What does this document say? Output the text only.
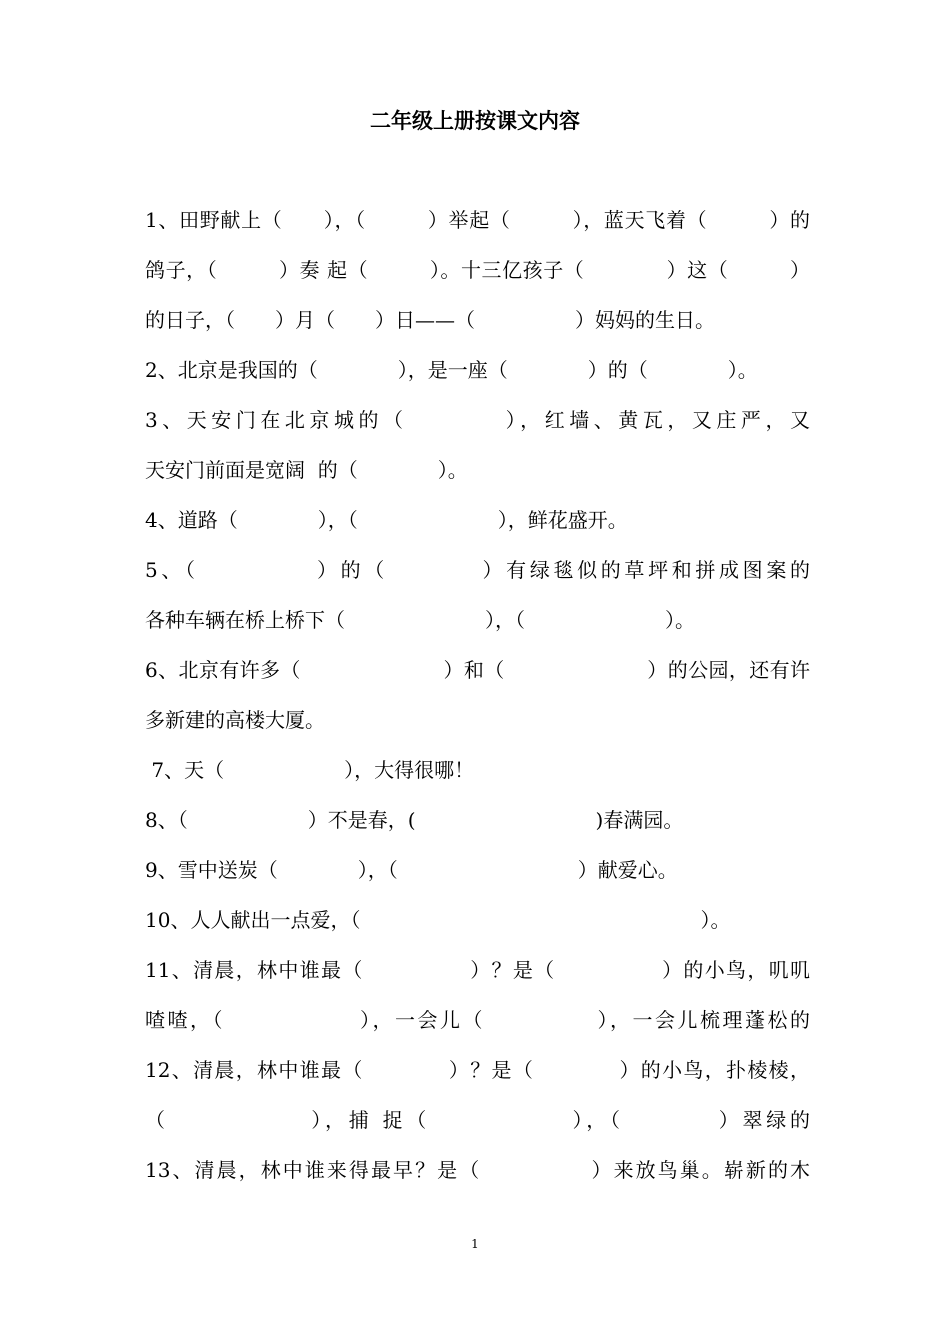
二年级上册按课文内容
1、田野献上（　　），（　　　）举起（　　　），蓝天飞着（　　　）的
鸽子，（　　　）奏 起（　　　）。十三亿孩子（　　　　）这（　　　）
的日子，（　　）月（　　）日——（　　　　　）妈妈的生日。
2、北京是我国的（　　　　），是一座（　　　　）的（　　　　）。
3、天安门在北京城的（　　　　），红墙、黄瓦，又庄严，又　　　　
天安门前面是宽阔  的（　　　　）。
4、道路（　　　　），（　　　　　　　），鲜花盛开。
5、（　　　　　）的（　　　　）有绿毯似的草坪和拼成图案的　　　　
各种车辆在桥上桥下（　　　　　　　），（　　　　　　　）。
6、北京有许多（　　　　　　　）和（　　　　　　　）的公园，还有许
多新建的高楼大厦。
7、天（　　　　　　），大得很哪！
8、（　　　　　　）不是春，(　　　　　　　　　)春满园。
9、雪中送炭（　　　　），（　　　　　　　　　）献爱心。
10、人人献出一点爱，（　　　　　　　　　　　　　　　　　）。
11、清晨，林中谁最（　　　　　）？是（　　　　　）的小鸟，叽叽
喳喳，（　　　　　　），一会儿（　　　　　），一会儿梳理蓬松的　　　
12、清晨，林中谁最（　　　　）？是（　　　　）的小鸟，扑棱棱，
（　　　　　　），捕 捉（　　　　　　），（　　　　）翠绿的　　　　
13、清晨，林中谁来得最早？是（　　　　　）来放鸟巢。崭新的木
1
